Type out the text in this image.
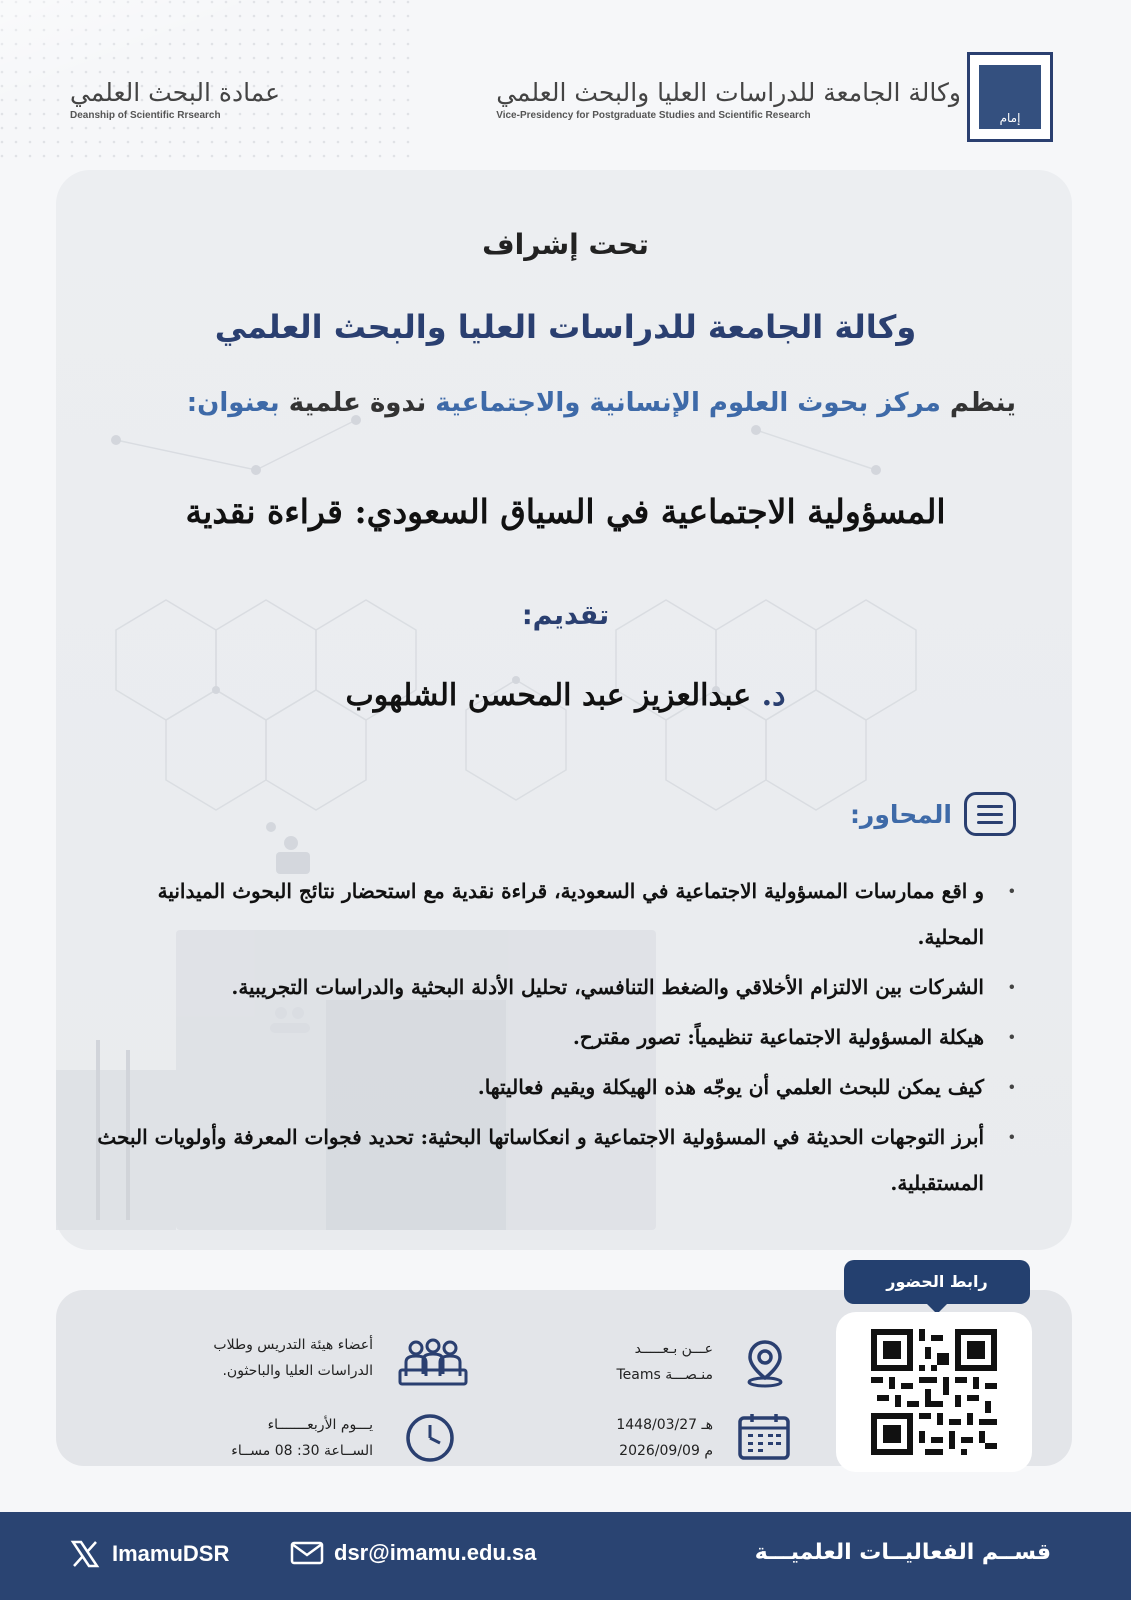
إمام
وكالة الجامعة للدراسات العليا والبحث العلمي
Vice-Presidency for Postgraduate Studies and Scientific Research
عمادة البحث العلمي
Deanship of Scientific Rrsearch
تحت إشراف
وكالة الجامعة للدراسات العليا والبحث العلمي
ينظم مركز بحوث العلوم الإنسانية والاجتماعية ندوة علمية بعنوان:
المسؤولية الاجتماعية في السياق السعودي: قراءة نقدية
تقديم:
د. عبدالعزيز عبد المحسن الشلهوب
المحاور:
· و اقع ممارسات المسؤولية الاجتماعية في السعودية، قراءة نقدية مع استحضار نتائج البحوث الميدانية المحلية.
· الشركات بين الالتزام الأخلاقي والضغط التنافسي، تحليل الأدلة البحثية والدراسات التجريبية.
· هيكلة المسؤولية الاجتماعية تنظيمياً: تصور مقترح.
· كيف يمكن للبحث العلمي أن يوجّه هذه الهيكلة ويقيم فعاليتها.
· أبرز التوجهات الحديثة في المسؤولية الاجتماعية و انعكاساتها البحثية: تحديد فجوات المعرفة وأولويات البحث المستقبلية.
رابط الحضور
عـــن بـعـــــد
منـصـــة Teams
1448/03/27 هـ
2026/09/09 م
أعضاء هيئة التدريس وطلاب
الدراسات العليا والباحثون.
يـــوم الأربعـــــــاء
الســاعة 30: 08 مســاء
ImamuDSR	dsr@imamu.edu.sa	قســم الفعاليــات العلميـــة
